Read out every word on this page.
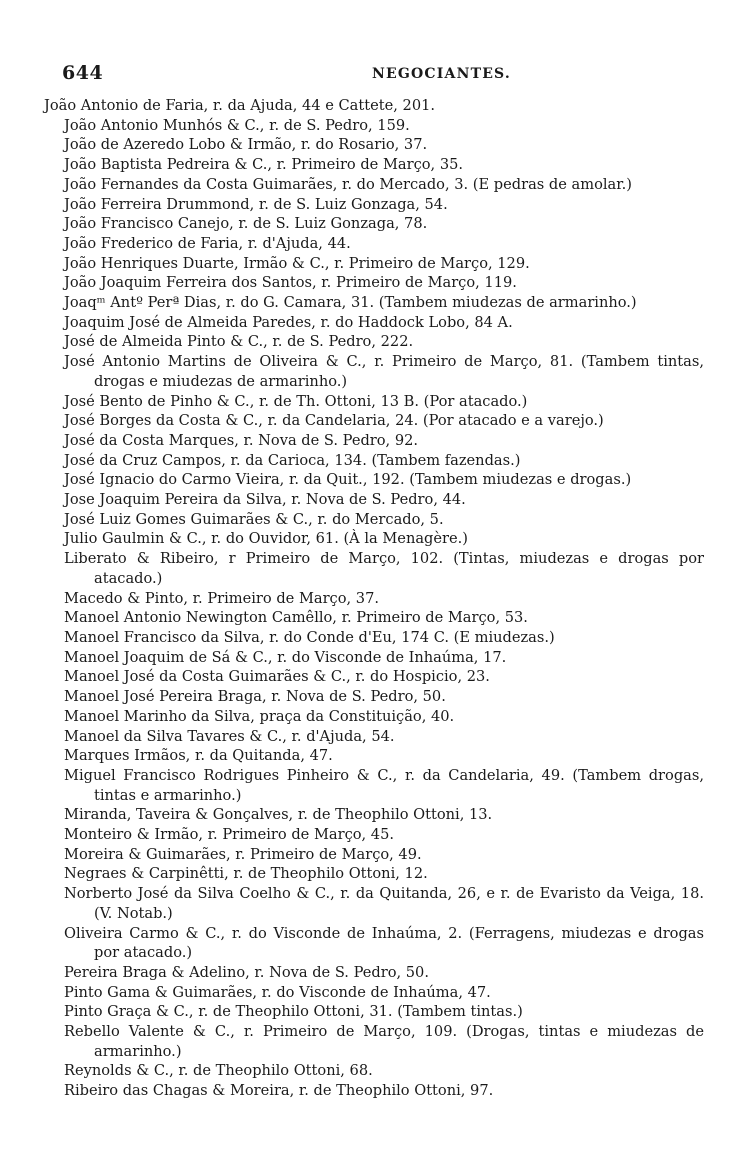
644	NEGOCIANTES.

João Antonio de Faria, r. da Ajuda, 44 e Cattete, 201.

João Antonio Munhós & C., r. de S. Pedro, 159.

João de Azeredo Lobo & Irmão, r. do Rosario, 37.

João Baptista Pedreira & C., r. Primeiro de Março, 35.

João Fernandes da Costa Guimarães, r. do Mercado, 3. (E pedras de amolar.)

João Ferreira Drummond, r. de S. Luiz Gonzaga, 54.

João Francisco Canejo, r. de S. Luiz Gonzaga, 78.

João Frederico de Faria, r. d'Ajuda, 44.

João Henriques Duarte, Irmão & C., r. Primeiro de Março, 129.

João Joaquim Ferreira dos Santos, r. Primeiro de Março, 119.

Joaqᵐ Antº Perª Dias, r. do G. Camara, 31. (Tambem miudezas de armarinho.)

Joaquim José de Almeida Paredes, r. do Haddock Lobo, 84 A.

José de Almeida Pinto & C., r. de S. Pedro, 222.

José Antonio Martins de Oliveira & C., r. Primeiro de Março, 81. (Tambem tintas, drogas e miudezas de armarinho.)

José Bento de Pinho & C., r. de Th. Ottoni, 13 B. (Por atacado.)

José Borges da Costa & C., r. da Candelaria, 24. (Por atacado e a varejo.)

José da Costa Marques, r. Nova de S. Pedro, 92.

José da Cruz Campos, r. da Carioca, 134. (Tambem fazendas.)

José Ignacio do Carmo Vieira, r. da Quit., 192. (Tambem miudezas e drogas.)

Jose Joaquim Pereira da Silva, r. Nova de S. Pedro, 44.

José Luiz Gomes Guimarães & C., r. do Mercado, 5.

Julio Gaulmin & C., r. do Ouvidor, 61. (À la Menagère.)

Liberato & Ribeiro, r Primeiro de Março, 102. (Tintas, miudezas e drogas por atacado.)

Macedo & Pinto, r. Primeiro de Março, 37.

Manoel Antonio Newington Camêllo, r. Primeiro de Março, 53.

Manoel Francisco da Silva, r. do Conde d'Eu, 174 C. (E miudezas.)

Manoel Joaquim de Sá & C., r. do Visconde de Inhaúma, 17.

Manoel José da Costa Guimarães & C., r. do Hospicio, 23.

Manoel José Pereira Braga, r. Nova de S. Pedro, 50.

Manoel Marinho da Silva, praça da Constituição, 40.

Manoel da Silva Tavares & C., r. d'Ajuda, 54.

Marques Irmãos, r. da Quitanda, 47.

Miguel Francisco Rodrigues Pinheiro & C., r. da Candelaria, 49. (Tambem drogas, tintas e armarinho.)

Miranda, Taveira & Gonçalves, r. de Theophilo Ottoni, 13.

Monteiro & Irmão, r. Primeiro de Março, 45.

Moreira & Guimarães, r. Primeiro de Março, 49.

Negraes & Carpinêtti, r. de Theophilo Ottoni, 12.

Norberto José da Silva Coelho & C., r. da Quitanda, 26, e r. de Evaristo da Veiga, 18. (V. Notab.)

Oliveira Carmo & C., r. do Visconde de Inhaúma, 2. (Ferragens, miudezas e drogas por atacado.)

Pereira Braga & Adelino, r. Nova de S. Pedro, 50.

Pinto Gama & Guimarães, r. do Visconde de Inhaúma, 47.

Pinto Graça & C., r. de Theophilo Ottoni, 31. (Tambem tintas.)

Rebello Valente & C., r. Primeiro de Março, 109. (Drogas, tintas e miudezas de armarinho.)

Reynolds & C., r. de Theophilo Ottoni, 68.

Ribeiro das Chagas & Moreira, r. de Theophilo Ottoni, 97.
